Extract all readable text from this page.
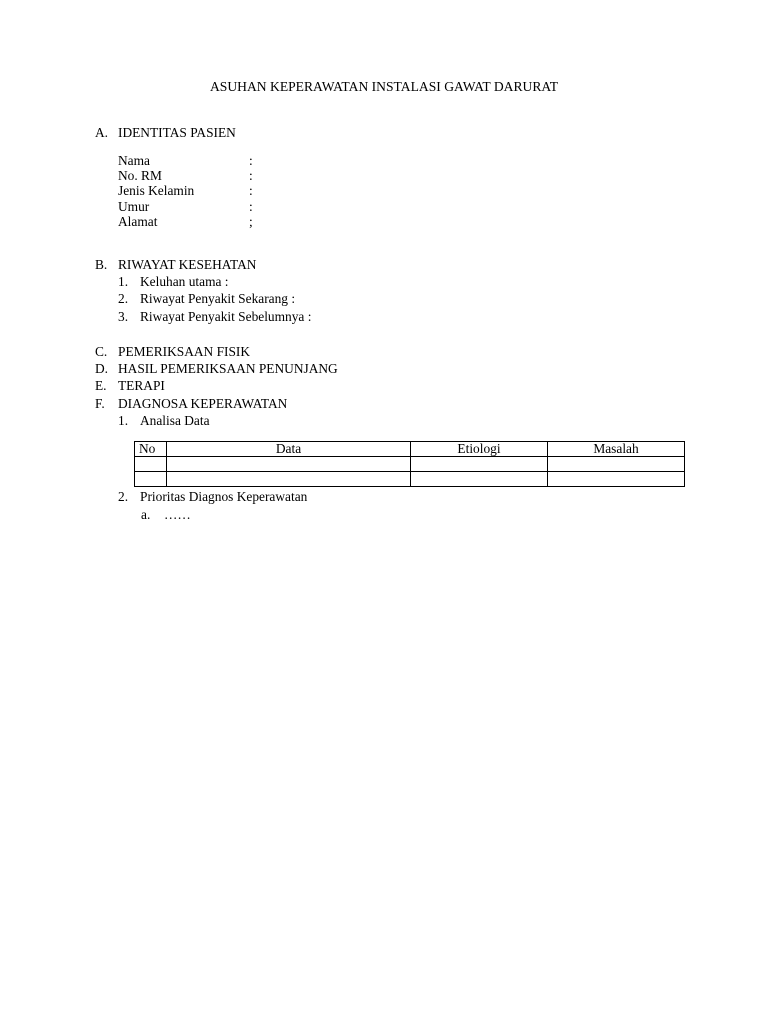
ASUHAN KEPERAWATAN INSTALASI GAWAT DARURAT
A. IDENTITAS PASIEN
Nama	:
No. RM	:
Jenis Kelamin	:
Umur	:
Alamat	;
B. RIWAYAT KESEHATAN
1. Keluhan utama :
2. Riwayat Penyakit Sekarang :
3. Riwayat Penyakit Sebelumnya :
C. PEMERIKSAAN FISIK
D. HASIL PEMERIKSAAN PENUNJANG
E. TERAPI
F. DIAGNOSA KEPERAWATAN
1. Analisa Data
No	Data	Etiologi	Masalah

2. Prioritas Diagnos Keperawatan
a. ……
